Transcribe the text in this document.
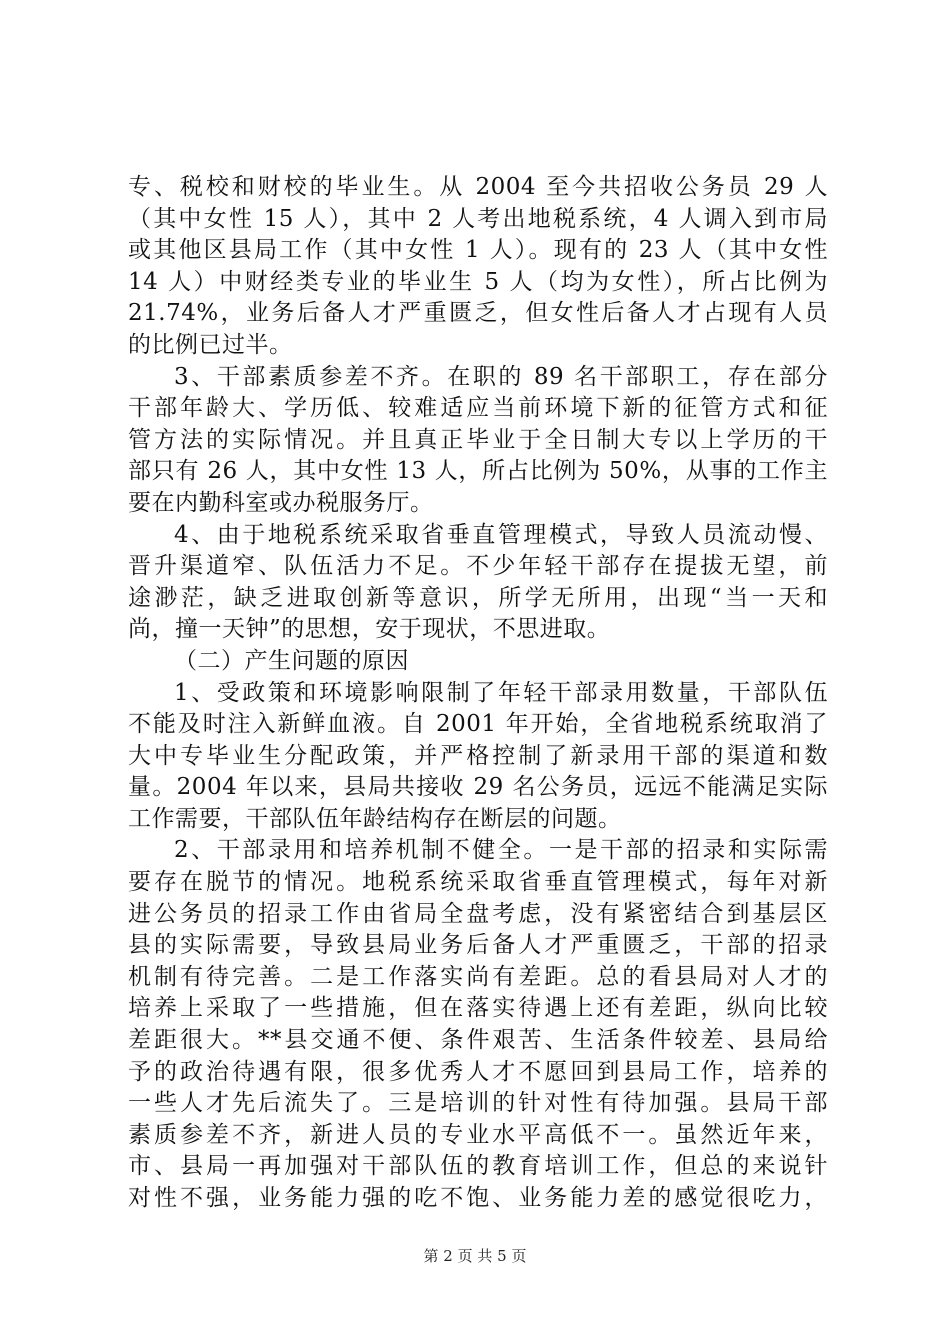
专、税校和财校的毕业生。从 2004 至今共招收公务员 29 人
（其中女性 15 人），其中 2 人考出地税系统，4 人调入到市局
或其他区县局工作（其中女性 1 人）。现有的 23 人（其中女性
14 人）中财经类专业的毕业生 5 人（均为女性），所占比例为
21.74%，业务后备人才严重匮乏，但女性后备人才占现有人员
的比例已过半。
3、干部素质参差不齐。在职的 89 名干部职工，存在部分
干部年龄大、学历低、较难适应当前环境下新的征管方式和征
管方法的实际情况。并且真正毕业于全日制大专以上学历的干
部只有 26 人，其中女性 13 人，所占比例为 50%，从事的工作主
要在内勤科室或办税服务厅。
4、由于地税系统采取省垂直管理模式，导致人员流动慢、
晋升渠道窄、队伍活力不足。不少年轻干部存在提拔无望，前
途渺茫，缺乏进取创新等意识，所学无所用，出现“当一天和
尚，撞一天钟”的思想，安于现状，不思进取。
（二）产生问题的原因
1、受政策和环境影响限制了年轻干部录用数量，干部队伍
不能及时注入新鲜血液。自 2001 年开始，全省地税系统取消了
大中专毕业生分配政策，并严格控制了新录用干部的渠道和数
量。2004 年以来，县局共接收 29 名公务员，远远不能满足实际
工作需要，干部队伍年龄结构存在断层的问题。
2、干部录用和培养机制不健全。一是干部的招录和实际需
要存在脱节的情况。地税系统采取省垂直管理模式，每年对新
进公务员的招录工作由省局全盘考虑，没有紧密结合到基层区
县的实际需要，导致县局业务后备人才严重匮乏，干部的招录
机制有待完善。二是工作落实尚有差距。总的看县局对人才的
培养上采取了一些措施，但在落实待遇上还有差距，纵向比较
差距很大。**县交通不便、条件艰苦、生活条件较差、县局给
予的政治待遇有限，很多优秀人才不愿回到县局工作，培养的
一些人才先后流失了。三是培训的针对性有待加强。县局干部
素质参差不齐，新进人员的专业水平高低不一。虽然近年来，
市、县局一再加强对干部队伍的教育培训工作，但总的来说针
对性不强，业务能力强的吃不饱、业务能力差的感觉很吃力，
第 2 页 共 5 页
